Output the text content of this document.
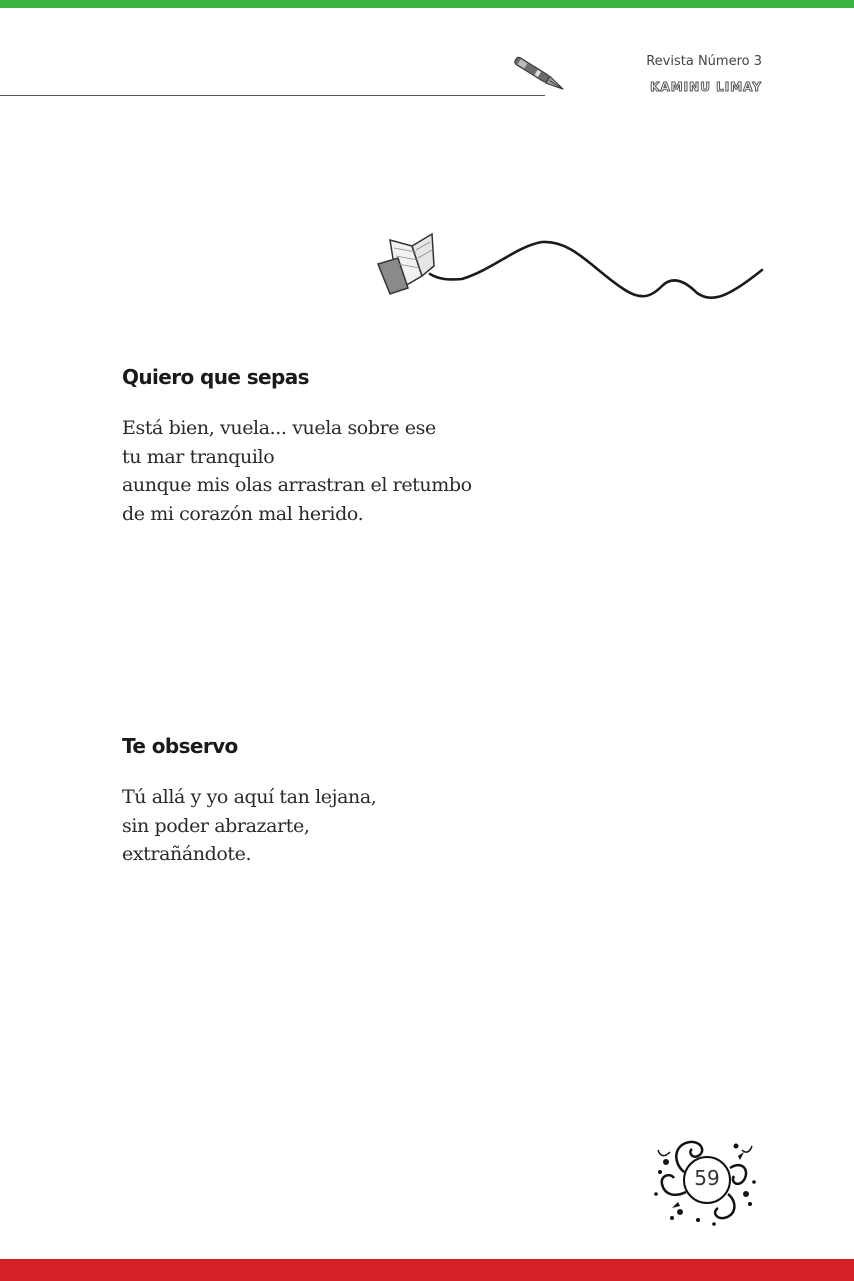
Revista Número 3
KAMINU LIMAY
Quiero que sepas
Está bien, vuela... vuela sobre ese
tu mar tranquilo
aunque mis olas arrastran el retumbo
de mi corazón mal herido.
Te observo
Tú allá y yo aquí tan lejana,
sin poder abrazarte,
extrañándote.
59
